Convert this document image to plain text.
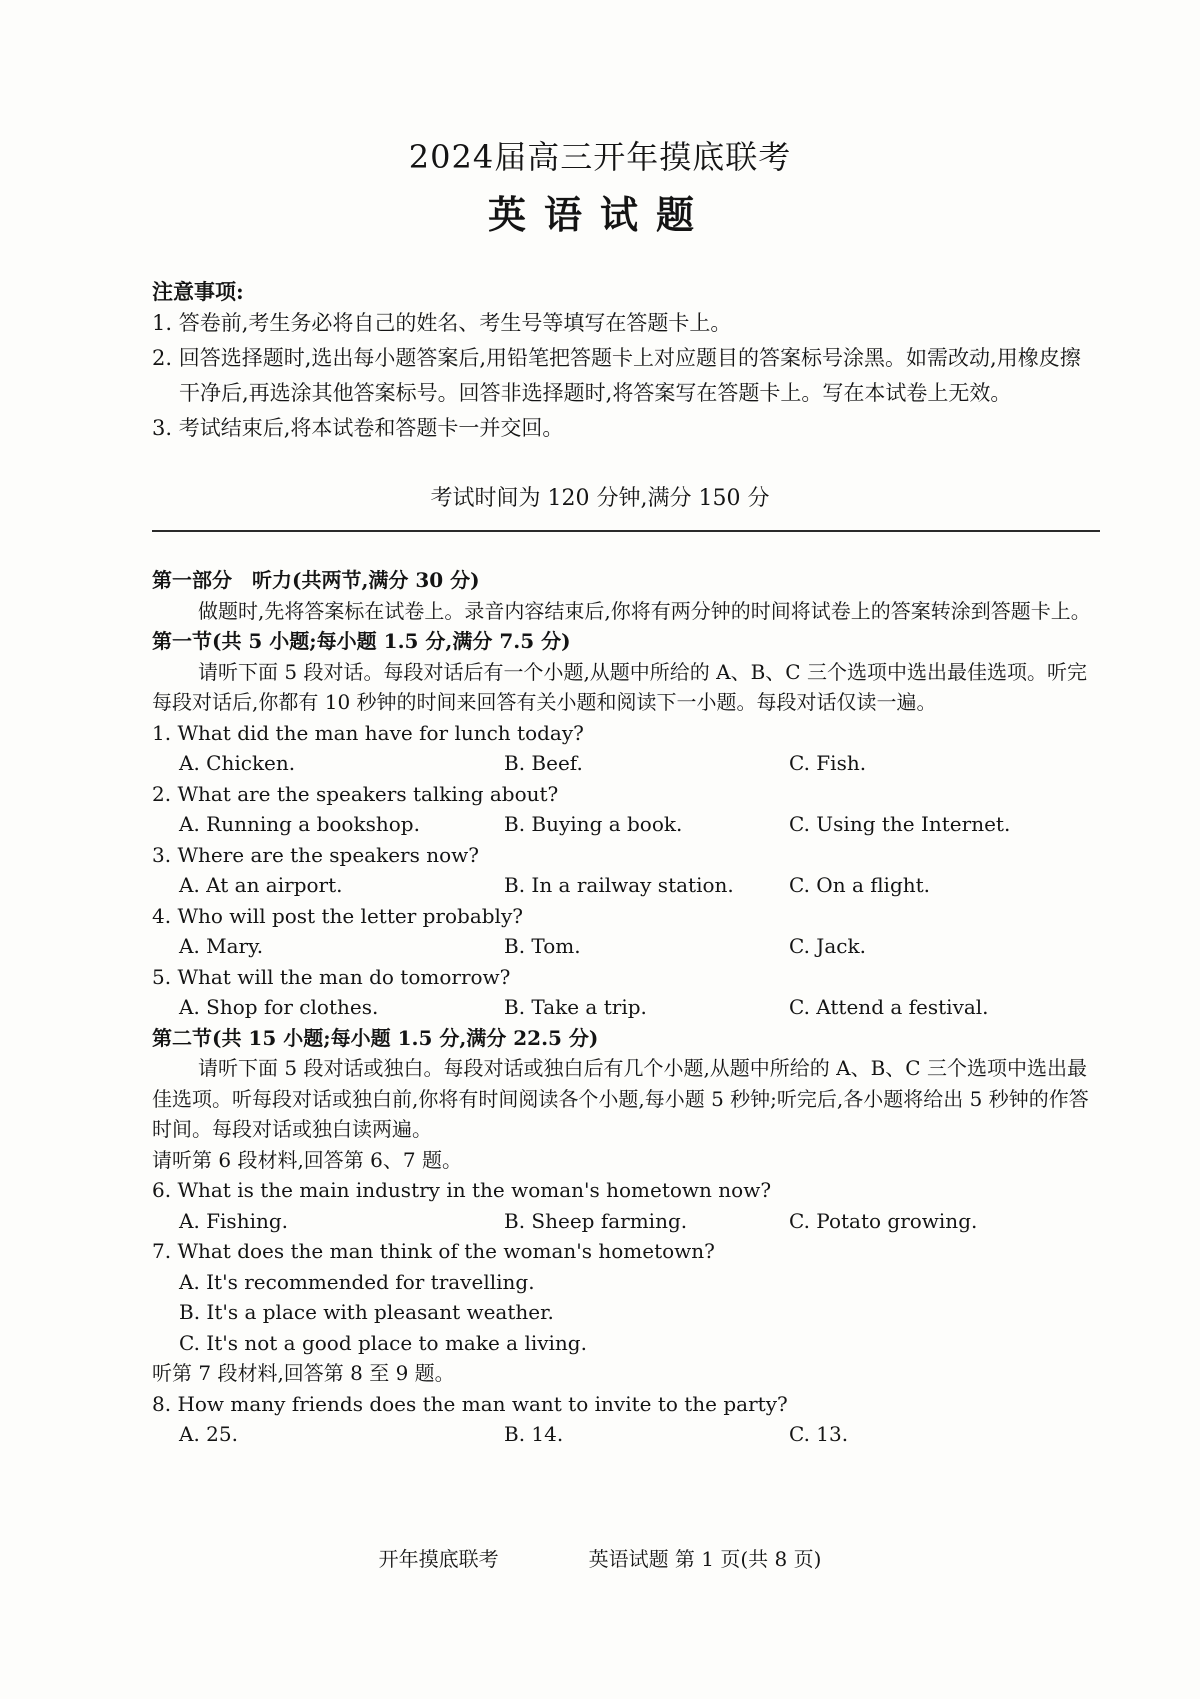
2024届高三开年摸底联考
英语试题
注意事项:
1. 答卷前,考生务必将自己的姓名、考生号等填写在答题卡上。
2. 回答选择题时,选出每小题答案后,用铅笔把答题卡上对应题目的答案标号涂黑。如需改动,用橡皮擦干净后,再选涂其他答案标号。回答非选择题时,将答案写在答题卡上。写在本试卷上无效。
3. 考试结束后,将本试卷和答题卡一并交回。
考试时间为 120 分钟,满分 150 分
第一部分　听力(共两节,满分 30 分)
做题时,先将答案标在试卷上。录音内容结束后,你将有两分钟的时间将试卷上的答案转涂到答题卡上。
第一节(共 5 小题;每小题 1.5 分,满分 7.5 分)
请听下面 5 段对话。每段对话后有一个小题,从题中所给的 A、B、C 三个选项中选出最佳选项。听完每段对话后,你都有 10 秒钟的时间来回答有关小题和阅读下一小题。每段对话仅读一遍。
1. What did the man have for lunch today?
A. Chicken.	B. Beef.	C. Fish.
2. What are the speakers talking about?
A. Running a bookshop.	B. Buying a book.	C. Using the Internet.
3. Where are the speakers now?
A. At an airport.	B. In a railway station.	C. On a flight.
4. Who will post the letter probably?
A. Mary.	B. Tom.	C. Jack.
5. What will the man do tomorrow?
A. Shop for clothes.	B. Take a trip.	C. Attend a festival.
第二节(共 15 小题;每小题 1.5 分,满分 22.5 分)
请听下面 5 段对话或独白。每段对话或独白后有几个小题,从题中所给的 A、B、C 三个选项中选出最佳选项。听每段对话或独白前,你将有时间阅读各个小题,每小题 5 秒钟;听完后,各小题将给出 5 秒钟的作答时间。每段对话或独白读两遍。
请听第 6 段材料,回答第 6、7 题。
6. What is the main industry in the woman's hometown now?
A. Fishing.	B. Sheep farming.	C. Potato growing.
7. What does the man think of the woman's hometown?
A. It's recommended for travelling.
B. It's a place with pleasant weather.
C. It's not a good place to make a living.
听第 7 段材料,回答第 8 至 9 题。
8. How many friends does the man want to invite to the party?
A. 25.	B. 14.	C. 13.
开年摸底联考	英语试题 第 1 页(共 8 页)
